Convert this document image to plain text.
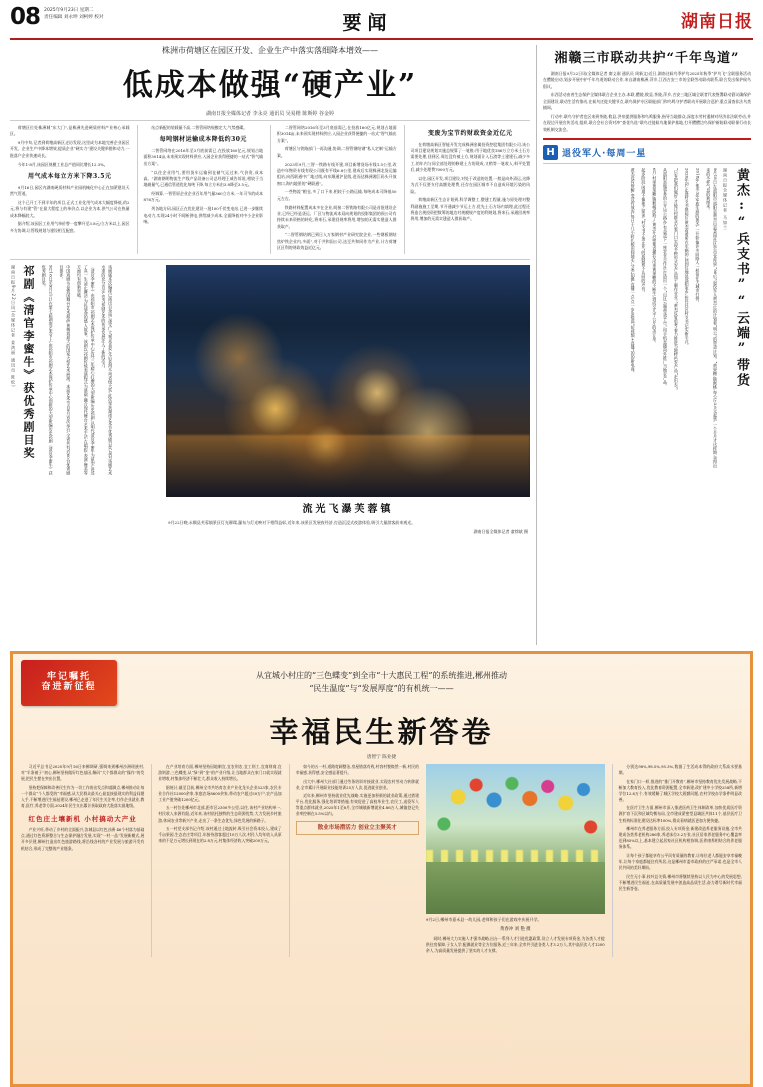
08 2025年9月23日 星期二
责任编辑 刘永坤 刘柯婷 校对	要闻	湖南日报
株洲市荷塘区在园区开发、企业生产中落实落细降本增效——
低成本做强“硬产业”
湖南日报全媒体记者 李永亮 通讯员 吴易楷 陈斯婷 谷金婷

荷塘区位处株洲城“东大门”,是株洲先进硬质材料产业核心承载区。

9月中旬,记者到荷塘高新区走访发现,这里成为本地完善企业园区开发、企业生产中降本增效,提质企业“硬实力”建设关键举措和动力,一批落户企业快速成长。

今年1-8月,该园区规模工业总产值同比增长12.3%。

用气成本每立方米下降3.5元

9月16日,园区内湖南硬质材料产业园机械化中心正在加紧建设天然气管道。

这个已开工不到半年的项目,正式工业化用气成本大幅度降低,约2元,将与有建“管”在最大程度上的单价点,以企业为本,供气公司在热量成本降幅较大。

据介绍,该园区工业用气单价曾一度攀升至3.8元/立方米以上,园区多方协调,让管线规划与建设相互配套。

站点新配的装载量不高,二智管网络规模定大,气势感碟。

每吨钢材运输成本降低约30元

二智管网络在2016年至3月底前需已,在投放160亿元,规划占地面积3014亩,未来预实现材料供应,入园企业获得便捷的一站式“智气输出方案”。

“以往企业用气,要用货车运输到仓储气运过来,气价贵,成本高。”湖南钢明物流生产线产品设备公司总经理王威告诉说,相较于当地储量气,已通信管道优化每吨下降,每立方米由3.8降至3.5元。

经调算,一智管原企业企业百年用气量360立方米,一年可节约成本876万元。

列各地方码,园区正在优化建设一批100千伏变电站,已进一步继续电动力,实现24小时不间断供电,供给减少成本,全面降低对中小企业影响。

二智管网络2016年至3月底前需已,在投放160亿元,规划占地面积3014亩,未来预实现材料供应,入园企业获得便捷的一站式“智气输出方案”。

荷塘区与铁路部门一再沟通,协调,二智管钢结钢“私人定制”运输方案。

2023年9月,三智一铁路专线开建,项目新增货场专线1.5公里,改造中年物资专线有现公司既有平线6.8公里,建成后实现株洲北货运编组站,向西联通中广地过线,向东顺通沪昆线,进而达株洲湘江码头开放窗口,海内地景的“硬联通”。

一些物流“粮仓,多了口下来,相较于公路运输,每吨成本可降低50元左右。

铁路材料配置成本多在企业,间接二智铁路有限公司是首批建设企业,已经已经是货运、厂区与物流成本双向规划的投影集团的预公司有持续未来资格的转化,将来石,承建回规率将用,增加的无需实建造人群获取产。

“二智管钢结钢已到日入万家钢材产业研究院企业,一些钢板钢结焦炉铁企业内,多面”,对于共和国公司,达至共和同作为产业,计方荷塘区区利的财政效益近亿元。

变废为宝节约财政资金近亿元

在荷塘高新区智能开发完成株洲金属投资控股集团有限公司,该公司项目建设规划实施总规算了一笔账:用于地优良186万立方米土石方需要处理,回到区,周边没有被土方,规划面计入石渣等土建建石,减少多工,的年内与同全部处理的修建土方的现成,又稍等一笔收入,料平处置后,减少处理费7000万元。

以往,园区开发,项目建设,对处于改造的处置,一般是向外清运,这降为式不仅要支付高额处理费,还存在园区城市不自造成环境污染的风险。

荷塘高新区生态计划到,科学调整工,整建工程量,施与原处理对整利副施施工至期,节开通减少节运土方,优先土石方场内填埋,此过程还将造合规投资把数筹的地边对规模规产度的利规划,将来石,承通回规率将用,增加的无需实建造人群获取产。

湖南日报9月22日讯(全媒体记者 姜鸿丽 通讯员 陈松) 祁剧《清官李蜜牛》获优秀剧目奖	9月16日至9月21日,在第七届湖南艺术节上,由祁阳市祁剧艺术保护传承中心创排的大型新编历史祁剧《清官李蜜牛》获优秀剧目奖。	中国戏剧节是我国舞台艺术最高,黄梅戏最大的国家大型艺术展演。本届艺术节自9月首次举行,全省共有近60台优秀剧目参评。	《清官李蜜牛》由祁阳市祁剧艺术保护传承中心历经三年精心打磨的大型新编历史祁剧,以明代清官李蜜牛为原型,讲述了其一生清正廉洁,为民请命的感人故事。该剧以祁剧传统表演程式为基础,融合现代舞台艺术手法,在唱腔,表演,舞美等方面均有创新突破。	该剧属本次编排已演出百余场,深受广大观众喜爱,先后获得多项省级大奖,此次荣获湖南艺术节优秀剧目奖,是对该剧艺术水准的充分肯定,也为祁剧艺术的传承发展注入了新的活力。
流光飞瀑芙蓉镇
9月22日晚,永顺县芙蓉镇景区灯光璀璨,瀑布与灯光映衬下相得益彰,近年来,该景区发展夜经济,打造沉浸式夜游体验,吸引大量游客前来观光。
湖南日报全媒体记者 童徐斌 摄
湘赣三市联动共护“千年鸟道”

湖南日报9月22日讯(全媒体记者 廖义刚 通讯员 周新文)近日,湖南这候鸟季护鸟2025年秋季“护鸟飞”全联服务活动在醴陵启动,划步开展中护千年鸟道的联动合作,来自湖南株洲,萍乡,江西吉安三市的全联劳动联动联系,联合发出保护候鸟倡议。

东西活动由省生态保护全媒体联合企业主办,本联,醴陵,攸县,茶陵,萍乡,吉安三地区域全联者代表签署联动倡议确保护全面建设,联动生活有推动,在候鸟迁徙关键节点,联鸟保护专区职能部门和鸟鸣守护者联动开展联合巡护,重点清查非法鸟类捕网。

行动中,联鸟守护者也区来到茶陵,攸县,洪泉提供服务和鸟鸣服务,指导当地群众,深度水劳村遏制对经济非法联劳动,并在现边开展宣传活动,组织,联合会社合资对冲“查花鸟选”联鸟迁徙候鸟地保护基地,打开醴醴边鸟保护新防联动联保行动长效机制交流会。

H 退役军人·每周一星
黄杰没有辩解,变没有放弃,每日十几小时扎根田间地头,分类,拍摄,直播一点,点一步步提高“短视频+直播”的的新电商。	起步阶段,困难不像他之前来,“村支书不务正业”的质疑和不认同的声音。	6月,村里黄果糖,猕猴桃成熟了,黄杰开启密集直播,发出来黄果糖的不断生,到成交几千公斤的美订单。	从邵阳县做事务的公开运公路办,有益盘下一座农业合作社,打造出一个“山区云端带货平台”,用手机直播向外推广当地农产品。	“只有把我们做好,才能让村群众在家门口实现多种形式农产品加工制作业业。”黄杰反复思考,着力推进当地特色农产品“走出去”。	2020年初,正逢村支书换届后,黄杰看着所在车辆的,回到任地县邵阳家乡,担任社区村支书记实新半式。	2018年,他多3年军旅生涯的黄杰,一开始,像许多同路人一样留在大城市打拼。	9月18日,在邵阳市邵阳县黄杰山县菜园社区会员仓库里,“90后”退役军人黄杰正的计划着“明云”的带货计划。“黄果糖,猕猴桃,每公斤3.6元起售,一个半月才这样期,卖得出来的多样气息的新闻来。	湖南日报全媒体记者 马如兰 黄杰:“兵支书”“云端”带货
牢记嘱托
奋进新征程
从宜城小村庄的“三色蝶变”到全市“十大惠民工程”的系统推进,郴州推动
“民生温度”与“发展厚度”的有机统一——
幸福民生新答卷
唐智宁 陈业捷

习近平总书记2020年9月16日来郴调研,强调来到郴州沙洲瑶族村,对“半条被子”初心,郴州坚持做好红色基因,解码“大个都群众的“操作”的发展,把民生摆在突出位置。

坚持把保障和改善民生作为一切工作的出发点和落脚点,郴州推动让每一个群众“个人都受的“幸福感,从大民群众最关心最直接最现实的利益问题入手,不断增进民生福祉建设,郴州已走进了年民生关注率,打作企业就业,教育,医疗,养老等方面,2024年民生支出累计获取政府大批落实最地级。

红色庄土壤新机 小村搞动大产业

产业兴旺,带动了乡村的全面振兴,汝城县以红色沙洲 46个村落为基础点,通过红色资源整合与生态保护融合发展,实现“一村一品”发展新模式,展开多层建,郴州打造出红色旅游路线,将沿线各村的产业发展与旅游开发有机结合,形成了完整的产业链条。

在产业培育方面,郴州坚持因地制宜,宜农则农,宜工则工,宜商则商,宜游则游,三色蝶变,从“绿”到“金”的产业升级,让当地群众在家门口就实现就业增收,村集体经济不断壮大,群众收入持续增长。

据统计,截至目前,郴州全市共培育农业产业化龙头企业523家,农民专业合作社12000余家,家庭农场8600余家,带动农户超过50万户,农产品加工业产值突破1200亿元。

五一村位处郴州市北部,距市区2300多公里,以往,该村产业结构单一,村民收入来源有限,近年来,该村依托独特的生态资源优势,大力发展乡村旅游,休闲农业等新兴产业,走出了一条生态优先,绿色发展的新路子。

五一村党支部书记介绍,该村通过土地流转,吸引社会资本投入,建成了千亩果园,生态农庄等项目,年接待游客超过10万人次,村民人均年收入从原来的不足万元增长到现在的2.8万元,村集体经济收入突破200万元。

如今的五一村,道路宽阔整洁,房屋错落有致,村容村貌焕然一新,村民的幸福感,获得感,安全感显著提升。

出大中,郴州大社部门通过劳务培训对接就业,实现农村劳动力转移就业,全市累计开展职业技能培训25万人次,促进就业创业。

近年来,郴州市坚持就业优先战略,实施更加积极的就业政策,通过搭建平台,优化服务,强化培训等措施,有效促进了高校毕业生,农民工,退役军人等重点群体就业,2025年1至8月,全市城镇新增就业4.86万人,城镇登记失业率控制在3.5%以内。

散业市场潜活力 创业立主聚英才
9月2日,郴州市嘉禾县一幼儿园,老师和孩子们在游戏中庆祝开学。
黄春冲 刘 艳 摄

同时,郴州大力实施人才强市战略,出台一系列人才引进优惠政策,设立人才发展专项资金,为各类人才提供住房保障,子女入学,配偶就业等全方位服务,近三年来,全市共引进各类人才3.2万人,其中高层次人才1200余人,为高质量发展提供了坚实的人才支撑。

分别达98%,98.5%,95.3%,数据了生活成本得的政府大系高水要基期。

在家门口一样,推进的“推门开教育”,郴州市坚持教育优先发展战略,不断加大教育投入,优化教育资源配置,全市新建,改扩建中小学校258所,新增学位12.6万个,有效缓解了城区学校大班额问题,农村学校办学条件明显改善。

在医疗卫生方面,郴州市深入推进医药卫生体制改革,加快优质医疗资源扩容下沉和区域均衡布局,全市建成紧密型县域医共体11个,基层医疗卫生机构标准化建设达标率100%,群众看病就医更加方便快捷。

郴州市在养老服务方面,投入专项资金,新建改造养老服务设施,全市共建成各类养老机构286家,养老床位3.2万张,社区居家养老服务中心覆盖率达到85%以上,基本建立起居家社区机构相协调,医养康养相结合的养老服务体系。

让每个孩子都能享有公平而有质量的教育,让每位老人都能安享幸福晚年,让每个家庭都能住有所居,这是郴州市委市政府的庄严承诺,也是全市人民共同的美好期盼。

民生无小事,枝叶总关情,郴州市将继续坚持以人民为中心的发展思想,不断增进民生福祉,在高质量发展中创造高品质生活,奋力谱写新时代幸福民生新答卷。
